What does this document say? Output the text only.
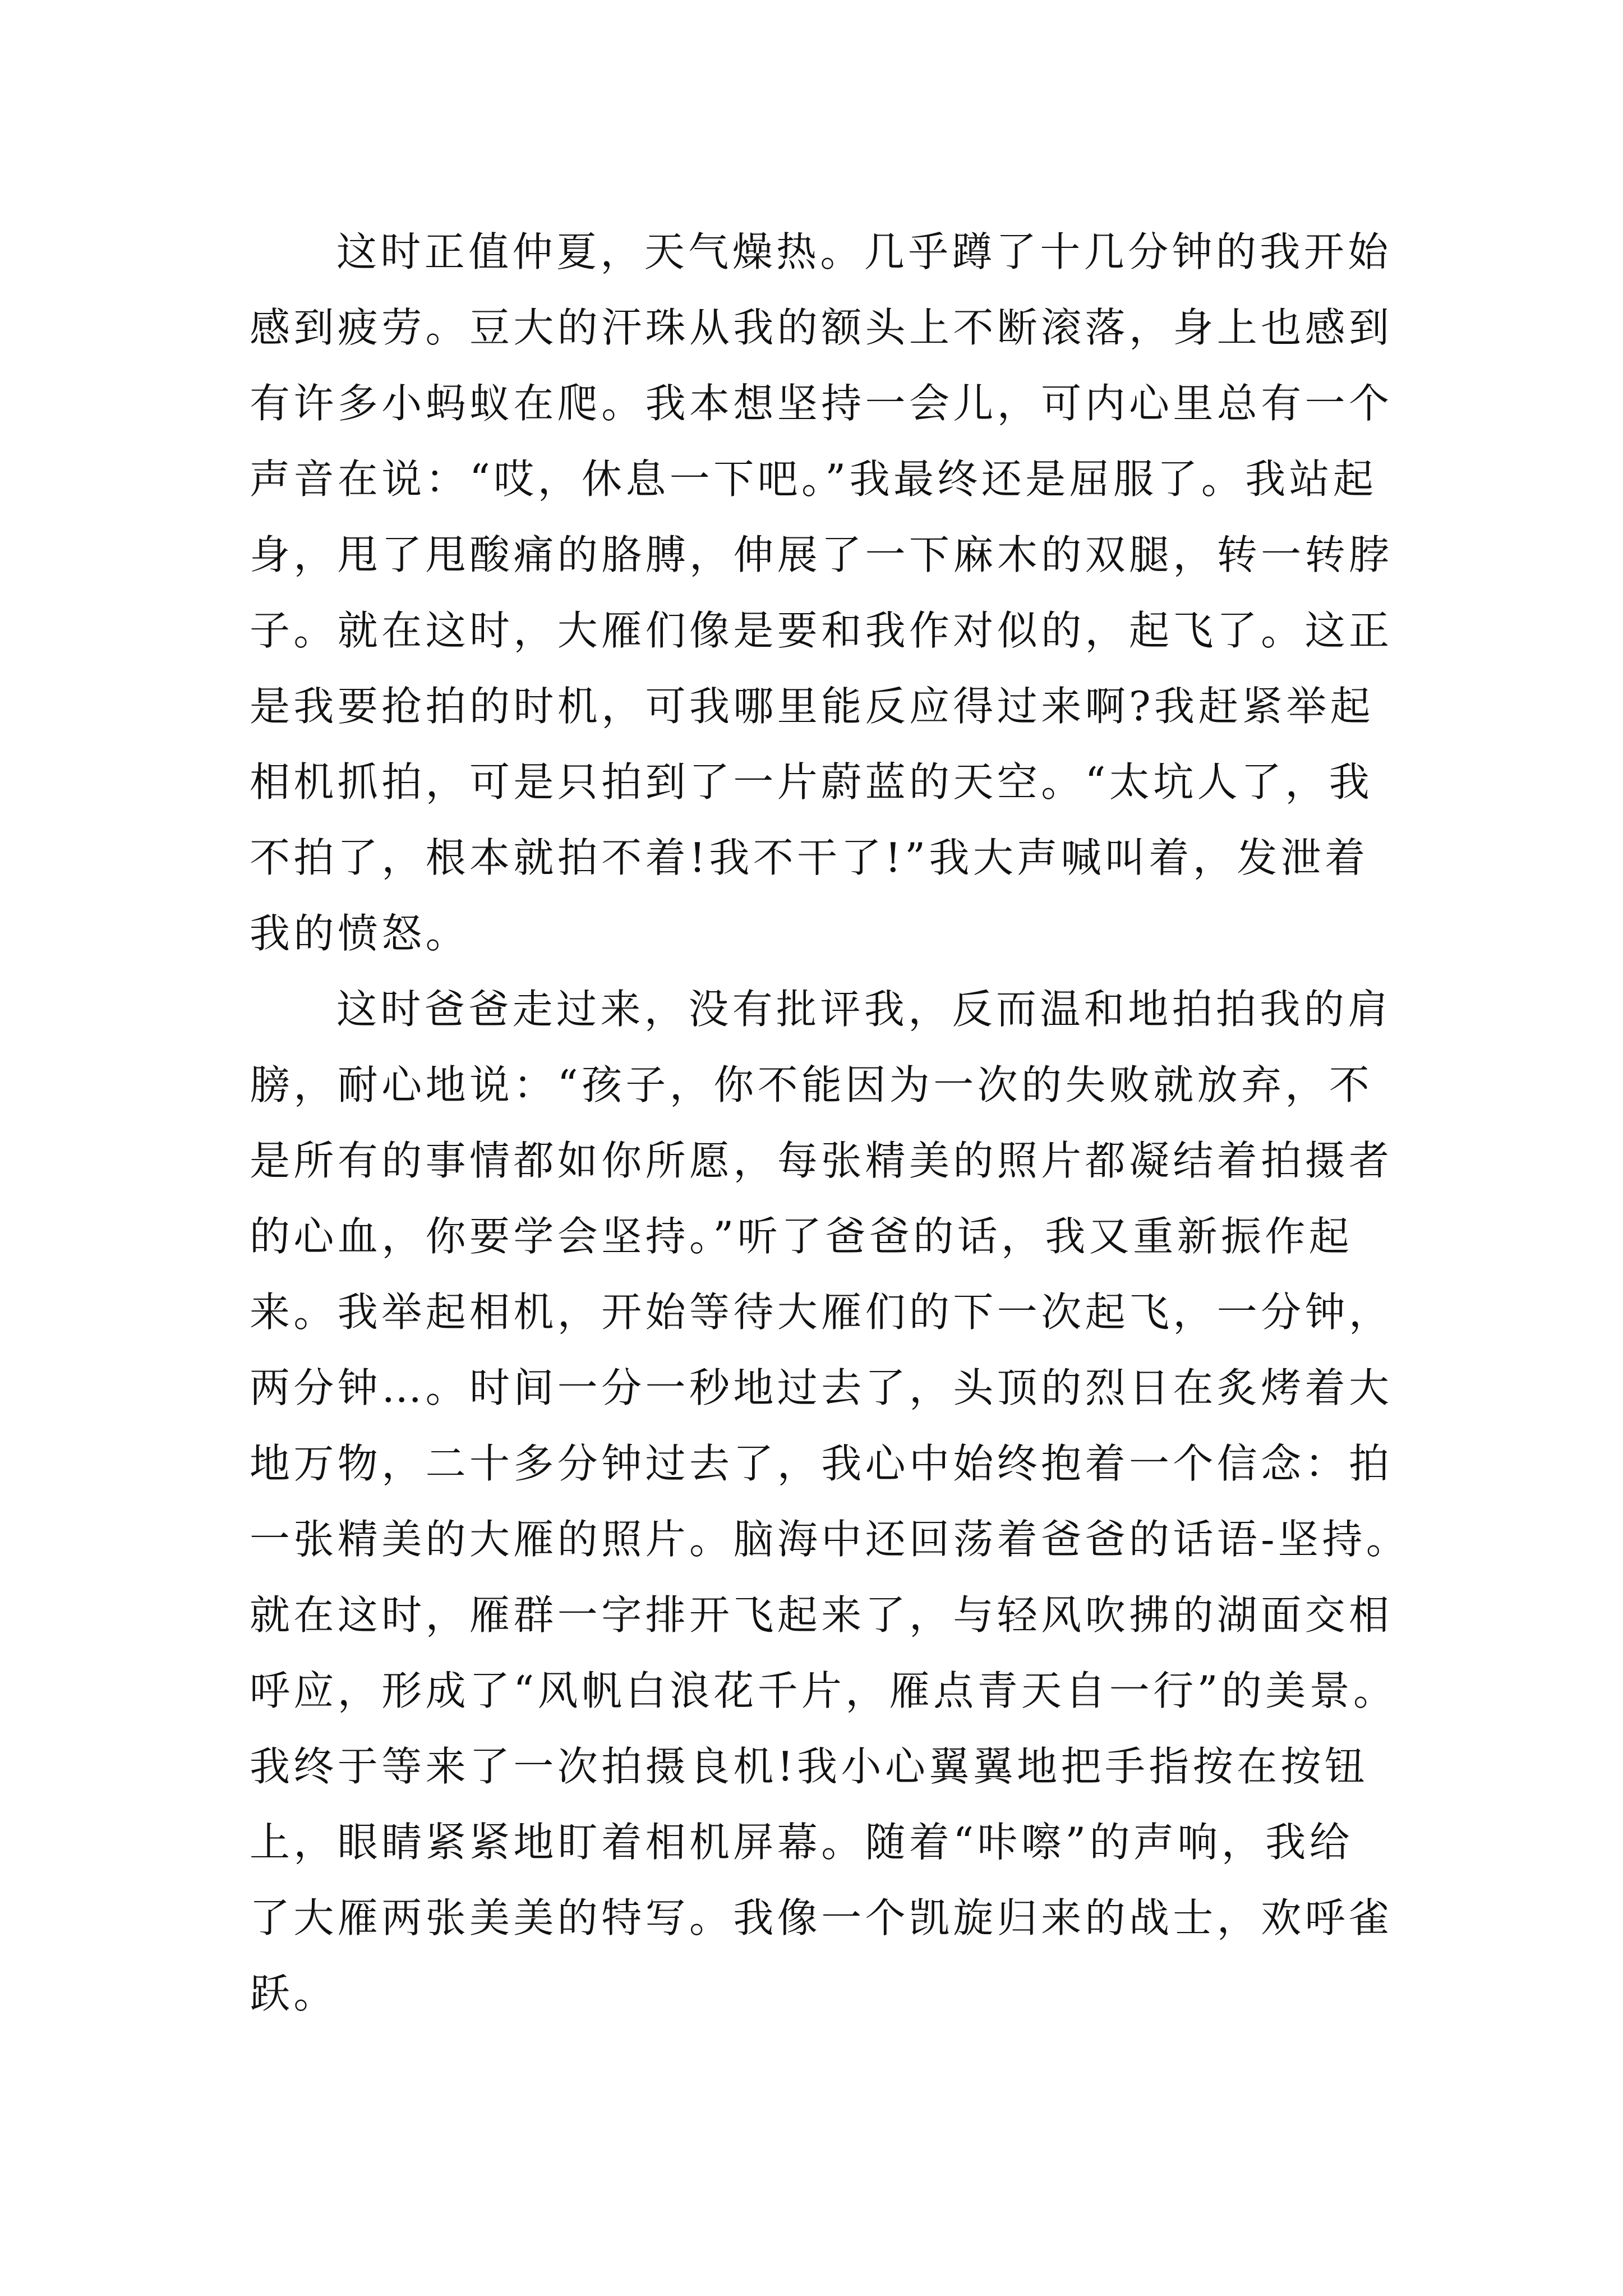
这时正值仲夏，天气燥热。几乎蹲了十几分钟的我开始
感到疲劳。豆大的汗珠从我的额头上不断滚落，身上也感到
有许多小蚂蚁在爬。我本想坚持一会儿，可内心里总有一个
声音在说：“哎，休息一下吧。”我最终还是屈服了。我站起
身，甩了甩酸痛的胳膊，伸展了一下麻木的双腿，转一转脖
子。就在这时，大雁们像是要和我作对似的，起飞了。这正
是我要抢拍的时机，可我哪里能反应得过来啊?我赶紧举起
相机抓拍，可是只拍到了一片蔚蓝的天空。“太坑人了，我
不拍了，根本就拍不着!我不干了!”我大声喊叫着，发泄着
我的愤怒。
这时爸爸走过来，没有批评我，反而温和地拍拍我的肩
膀，耐心地说：“孩子，你不能因为一次的失败就放弃，不
是所有的事情都如你所愿，每张精美的照片都凝结着拍摄者
的心血，你要学会坚持。”听了爸爸的话，我又重新振作起
来。我举起相机，开始等待大雁们的下一次起飞，一分钟，
两分钟…。时间一分一秒地过去了，头顶的烈日在炙烤着大
地万物，二十多分钟过去了，我心中始终抱着一个信念：拍
一张精美的大雁的照片。脑海中还回荡着爸爸的话语-坚持。
就在这时，雁群一字排开飞起来了，与轻风吹拂的湖面交相
呼应，形成了“风帆白浪花千片，雁点青天自一行”的美景。
我终于等来了一次拍摄良机!我小心翼翼地把手指按在按钮
上，眼睛紧紧地盯着相机屏幕。随着“咔嚓”的声响，我给
了大雁两张美美的特写。我像一个凯旋归来的战士，欢呼雀
跃。
